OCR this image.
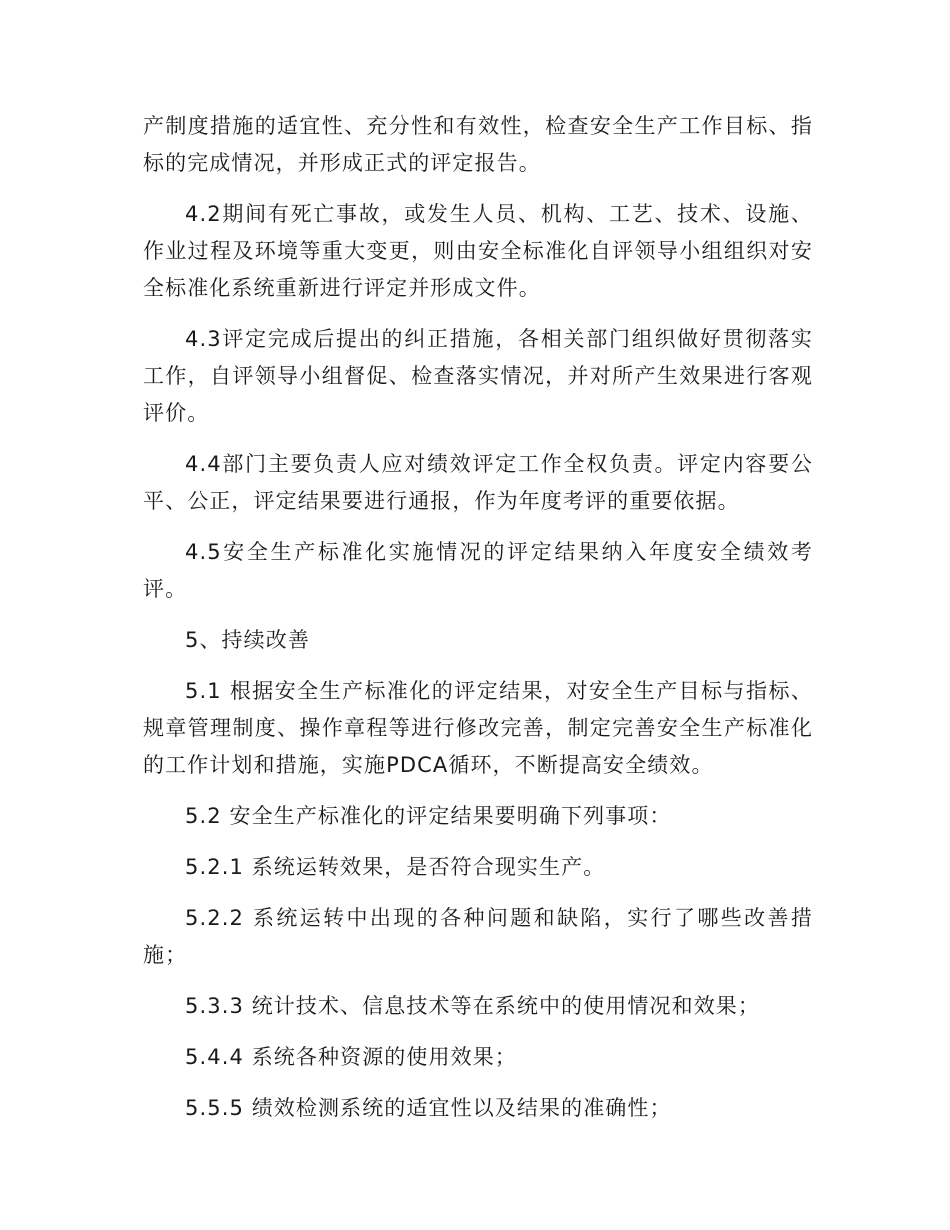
产制度措施的适宜性、充分性和有效性，检查安全生产工作目标、指标的完成情况，并形成正式的评定报告。

4.2期间有死亡事故，或发生人员、机构、工艺、技术、设施、作业过程及环境等重大变更，则由安全标准化自评领导小组组织对安全标准化系统重新进行评定并形成文件。

4.3评定完成后提出的纠正措施，各相关部门组织做好贯彻落实工作，自评领导小组督促、检查落实情况，并对所产生效果进行客观评价。

4.4部门主要负责人应对绩效评定工作全权负责。评定内容要公平、公正，评定结果要进行通报，作为年度考评的重要依据。

4.5安全生产标准化实施情况的评定结果纳入年度安全绩效考评。

5、持续改善

5.1 根据安全生产标准化的评定结果，对安全生产目标与指标、规章管理制度、操作章程等进行修改完善，制定完善安全生产标准化的工作计划和措施，实施PDCA循环，不断提高安全绩效。

5.2 安全生产标准化的评定结果要明确下列事项：

5.2.1 系统运转效果，是否符合现实生产。

5.2.2 系统运转中出现的各种问题和缺陷，实行了哪些改善措施；

5.3.3 统计技术、信息技术等在系统中的使用情况和效果；

5.4.4 系统各种资源的使用效果；

5.5.5 绩效检测系统的适宜性以及结果的准确性；
